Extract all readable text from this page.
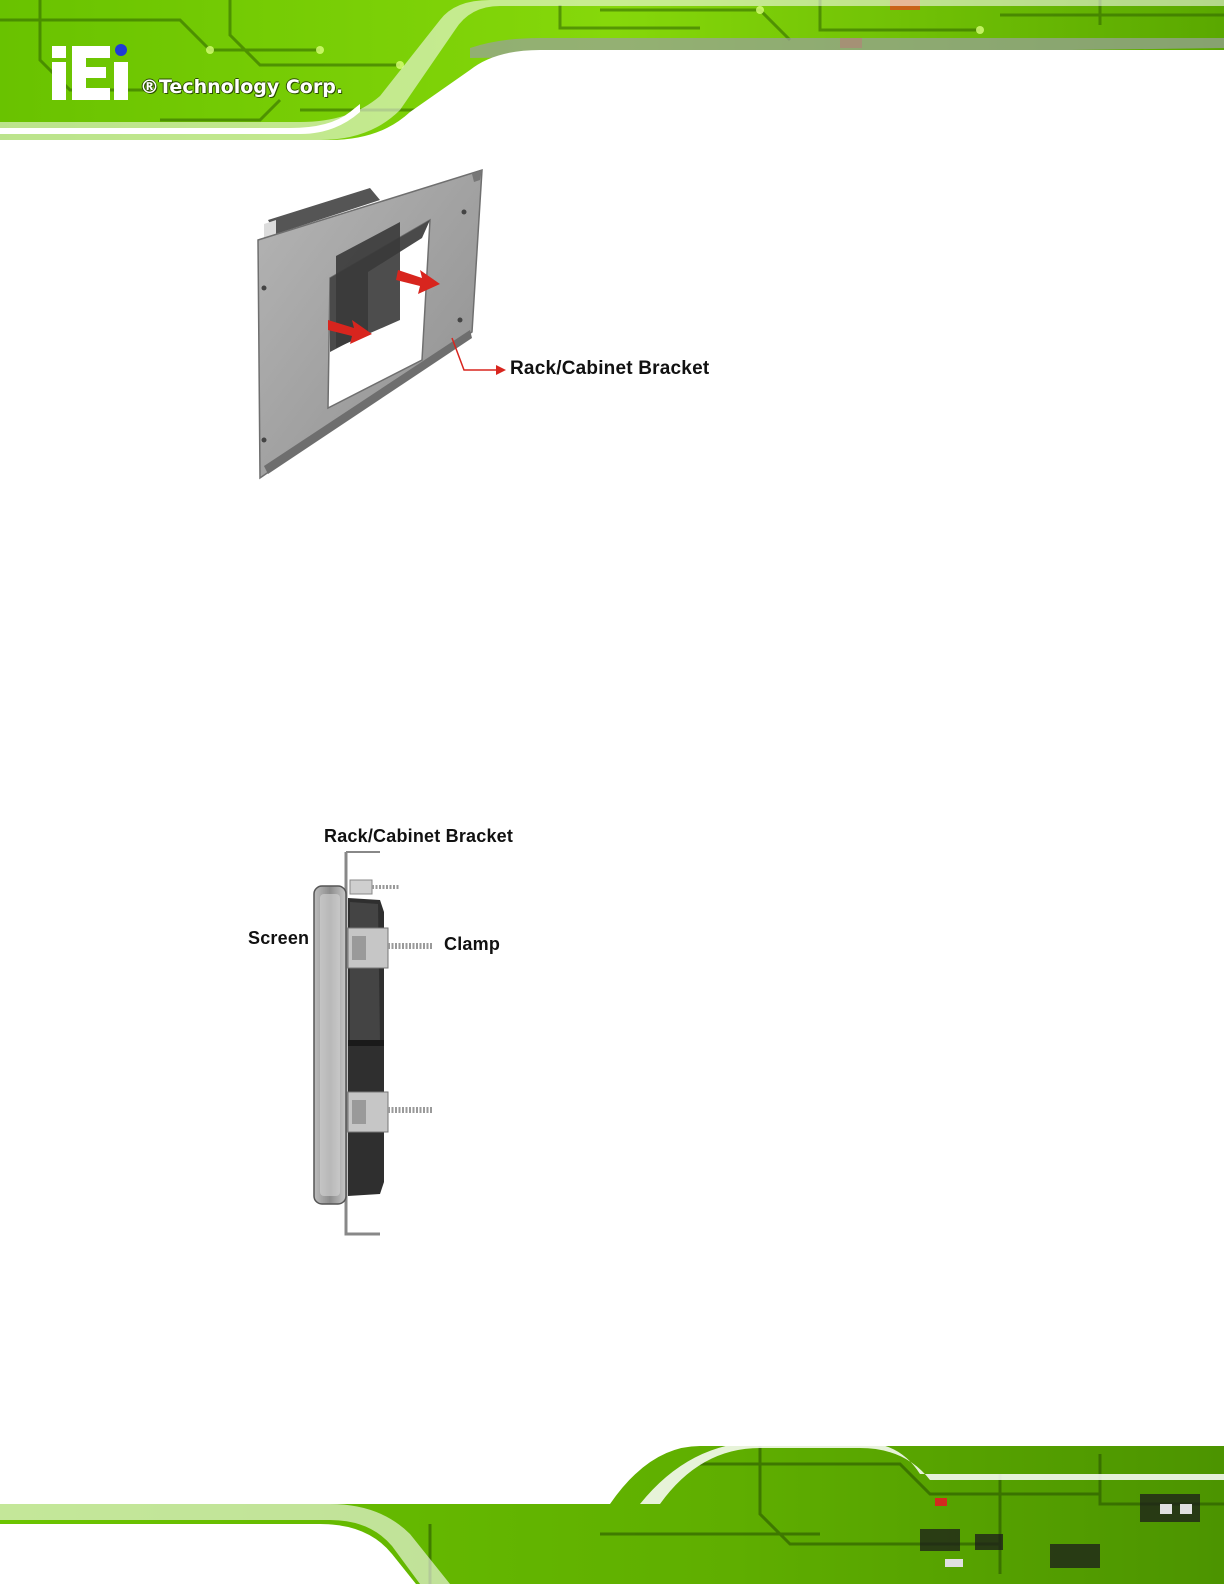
®Technology Corp.
Rack/Cabinet Bracket
Rack/Cabinet Bracket
Screen	Clamp
